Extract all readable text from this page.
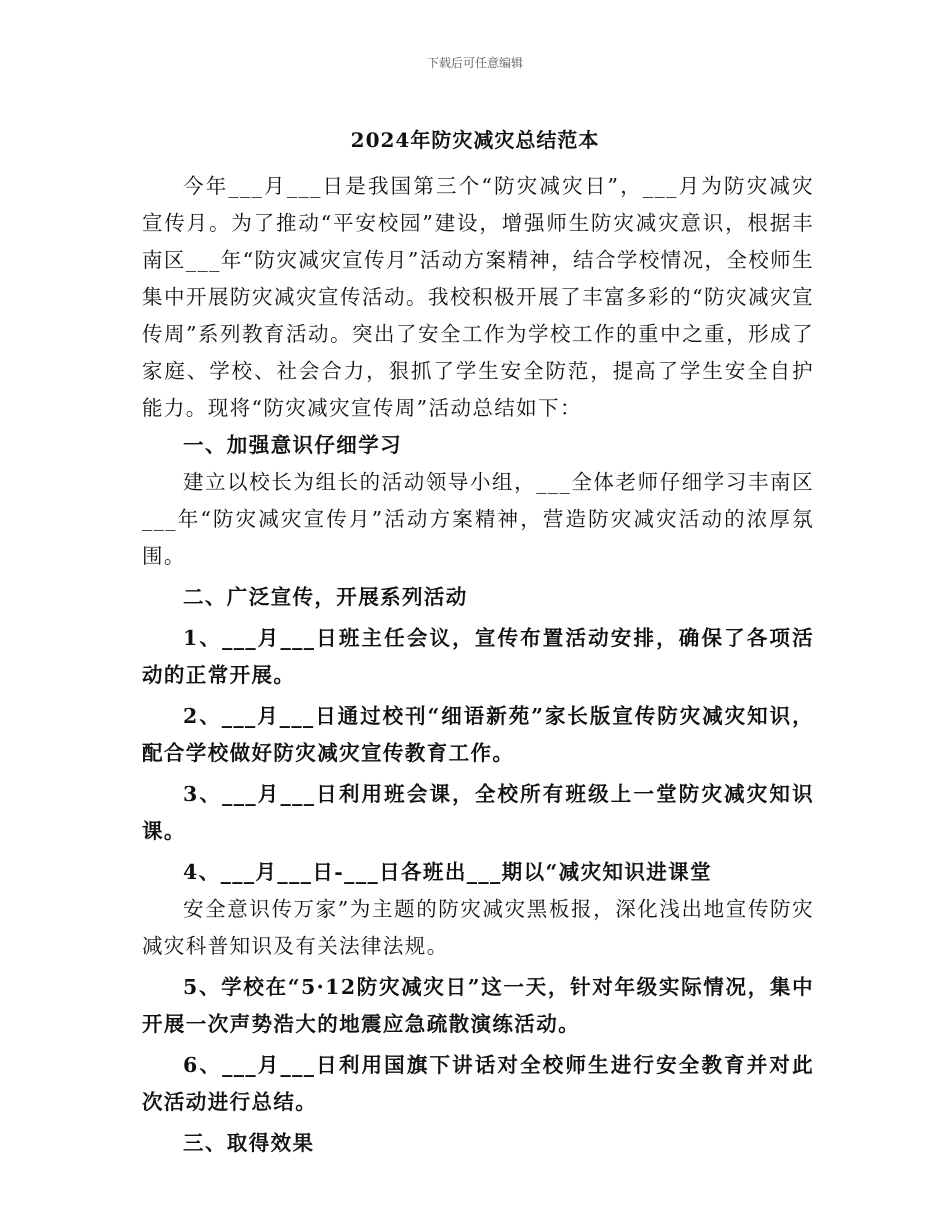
下载后可任意编辑
2024年防灾减灾总结范本

今年___月___日是我国第三个“防灾减灾日”，___月为防灾减灾宣传月。为了推动“平安校园”建设，增强师生防灾减灾意识，根据丰南区___年“防灾减灾宣传月”活动方案精神，结合学校情况，全校师生集中开展防灾减灾宣传活动。我校积极开展了丰富多彩的“防灾减灾宣传周”系列教育活动。突出了安全工作为学校工作的重中之重，形成了家庭、学校、社会合力，狠抓了学生安全防范，提高了学生安全自护能力。现将“防灾减灾宣传周”活动总结如下：

一、加强意识仔细学习

建立以校长为组长的活动领导小组，___全体老师仔细学习丰南区___年“防灾减灾宣传月”活动方案精神，营造防灾减灾活动的浓厚氛围。

二、广泛宣传，开展系列活动

1、___月___日班主任会议，宣传布置活动安排，确保了各项活动的正常开展。

2、___月___日通过校刊“细语新苑”家长版宣传防灾减灾知识，配合学校做好防灾减灾宣传教育工作。

3、___月___日利用班会课，全校所有班级上一堂防灾减灾知识课。

4、___月___日-___日各班出___期以“减灾知识进课堂

安全意识传万家”为主题的防灾减灾黑板报，深化浅出地宣传防灾减灾科普知识及有关法律法规。

5、学校在“5·12防灾减灾日”这一天，针对年级实际情况，集中开展一次声势浩大的地震应急疏散演练活动。

6、___月___日利用国旗下讲话对全校师生进行安全教育并对此次活动进行总结。

三、取得效果
